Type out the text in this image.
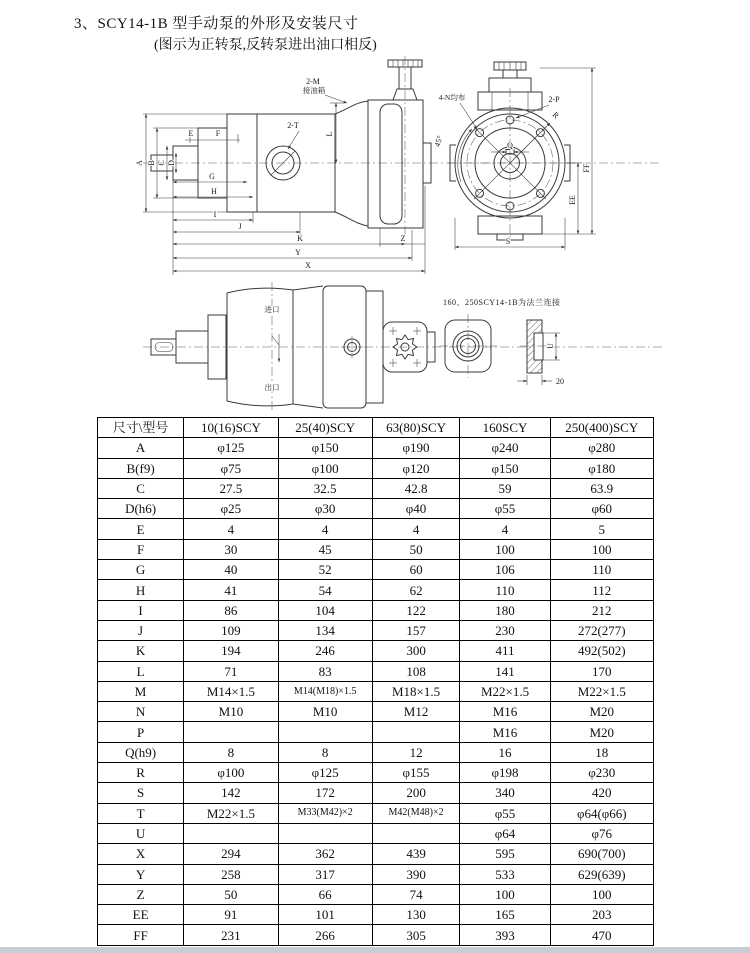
3、SCY14-1B 型手动泵的外形及安装尺寸
(图示为正转泵,反转泵进出油口相反)
A B C D
E	F
G
H
I
J
K	Z
Y
X
L
2-T
2-M
接油箱
Q
4-N均布	2-P
45°
R
EE
FF
S
进口
出口
160、250SCY14-1B为法兰连接
U
20
尺寸\型号	10(16)SCY	25(40)SCY	63(80)SCY	160SCY	250(400)SCY
A	φ125	φ150	φ190	φ240	φ280
B(f9)	φ75	φ100	φ120	φ150	φ180
C	27.5	32.5	42.8	59	63.9
D(h6)	φ25	φ30	φ40	φ55	φ60
E	4	4	4	4	5
F	30	45	50	100	100
G	40	52	60	106	110
H	41	54	62	110	112
I	86	104	122	180	212
J	109	134	157	230	272(277)
K	194	246	300	411	492(502)
L	71	83	108	141	170
M	M14×1.5	M14(M18)×1.5	M18×1.5	M22×1.5	M22×1.5
N	M10	M10	M12	M16	M20
P				M16	M20
Q(h9)	8	8	12	16	18
R	φ100	φ125	φ155	φ198	φ230
S	142	172	200	340	420
T	M22×1.5	M33(M42)×2	M42(M48)×2	φ55	φ64(φ66)
U				φ64	φ76
X	294	362	439	595	690(700)
Y	258	317	390	533	629(639)
Z	50	66	74	100	100
EE	91	101	130	165	203
FF	231	266	305	393	470
